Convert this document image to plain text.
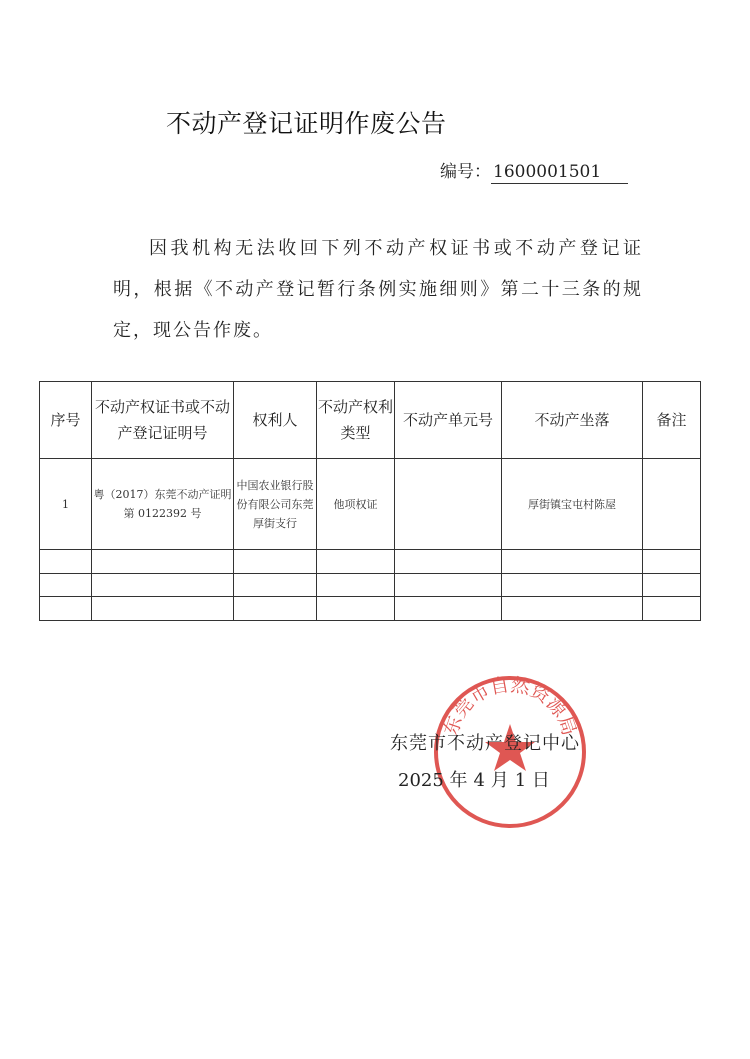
不动产登记证明作废公告
编号： 1600001501
因我机构无法收回下列不动产权证书或不动产登记证明，根据《不动产登记暂行条例实施细则》第二十三条的规定，现公告作废。
序号	不动产权证书或不动产登记证明号	权利人	不动产权利类型	不动产单元号	不动产坐落	备注
1	粤（2017）东莞不动产证明第 0122392 号	中国农业银行股份有限公司东莞厚街支行	他项权证		厚街镇宝屯村陈屋	

东莞市自然资源局
东莞市不动产登记中心
2025 年 4 月 1 日
